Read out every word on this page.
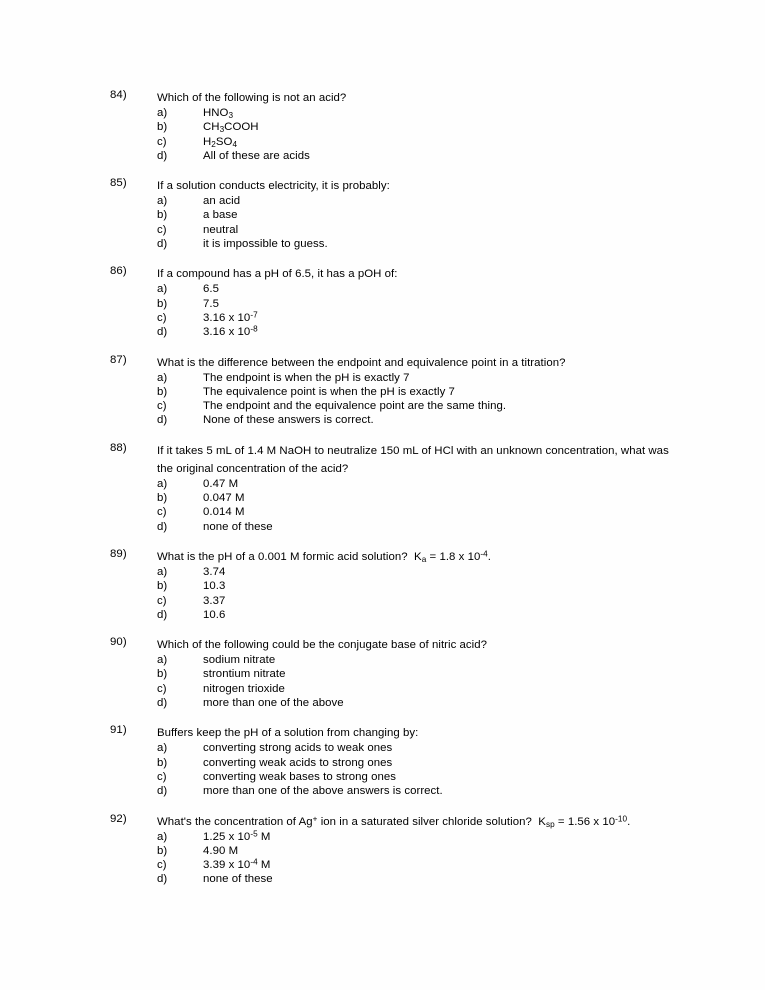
84)	Which of the following is not an acid?
a)	$HNO_3$
b)	$CH_3COOH$
c)	$H_2SO_4$
d)	All of these are acids
85)	If a solution conducts electricity, it is probably:
a)	an acid
b)	a base
c)	neutral
d)	it is impossible to guess.
86)	If a compound has a pH of 6.5, it has a pOH of:
a)	6.5
b)	7.5
c)	3.16 x $10^{-7}$
d)	3.16 x $10^{-8}$
87)	What is the difference between the endpoint and equivalence point in a titration?
a)	The endpoint is when the pH is exactly 7
b)	The equivalence point is when the pH is exactly 7
c)	The endpoint and the equivalence point are the same thing.
d)	None of these answers is correct.
88)	If it takes 5 mL of 1.4 M NaOH to neutralize 150 mL of HCl with an unknown concentration, what was the original concentration of the acid?
a)	0.47 M
b)	0.047 M
c)	0.014 M
d)	none of these
89)	What is the pH of a 0.001 M formic acid solution?  $K_a = 1.8$ x $10^{-4}$.
a)	3.74
b)	10.3
c)	3.37
d)	10.6
90)	Which of the following could be the conjugate base of nitric acid?
a)	sodium nitrate
b)	strontium nitrate
c)	nitrogen trioxide
d)	more than one of the above
91)	Buffers keep the pH of a solution from changing by:
a)	converting strong acids to weak ones
b)	converting weak acids to strong ones
c)	converting weak bases to strong ones
d)	more than one of the above answers is correct.
92)	What's the concentration of Ag+ ion in a saturated silver chloride solution?  $K_{sp} = 1.56$ x $10^{-10}$.
a)	1.25 x $10^{-5}$ M
b)	4.90 M
c)	3.39 x $10^{-4}$ M
d)	none of these
